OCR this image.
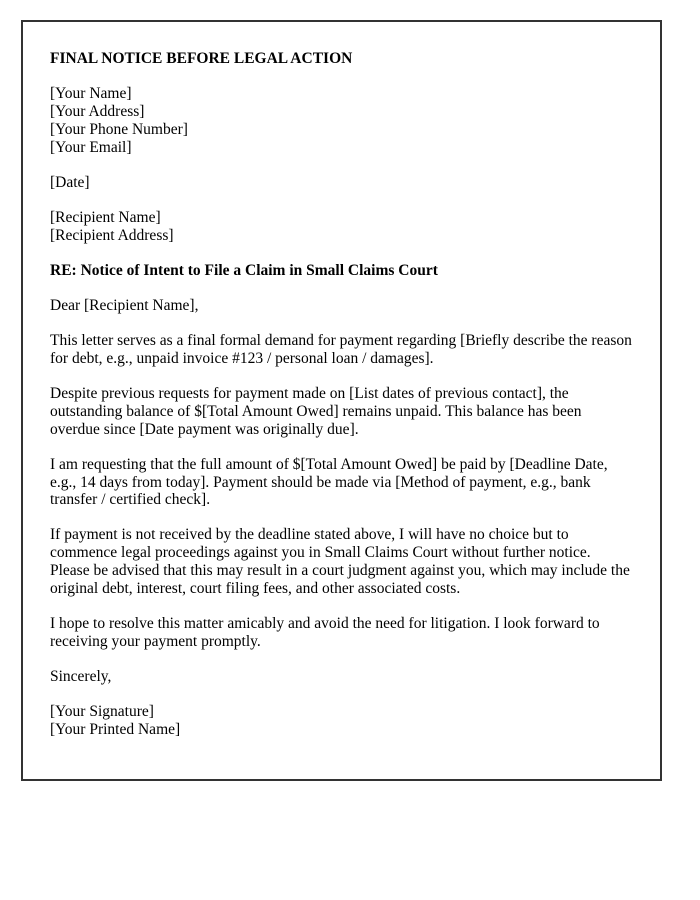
FINAL NOTICE BEFORE LEGAL ACTION

[Your Name]
[Your Address]
[Your Phone Number]
[Your Email]

[Date]

[Recipient Name]
[Recipient Address]

RE: Notice of Intent to File a Claim in Small Claims Court

Dear [Recipient Name],

This letter serves as a final formal demand for payment regarding [Briefly describe the reason for debt, e.g., unpaid invoice #123 / personal loan / damages].

Despite previous requests for payment made on [List dates of previous contact], the outstanding balance of $[Total Amount Owed] remains unpaid. This balance has been overdue since [Date payment was originally due].

I am requesting that the full amount of $[Total Amount Owed] be paid by [Deadline Date, e.g., 14 days from today]. Payment should be made via [Method of payment, e.g., bank transfer / certified check].

If payment is not received by the deadline stated above, I will have no choice but to commence legal proceedings against you in Small Claims Court without further notice. Please be advised that this may result in a court judgment against you, which may include the original debt, interest, court filing fees, and other associated costs.

I hope to resolve this matter amicably and avoid the need for litigation. I look forward to receiving your payment promptly.

Sincerely,

[Your Signature]
[Your Printed Name]
